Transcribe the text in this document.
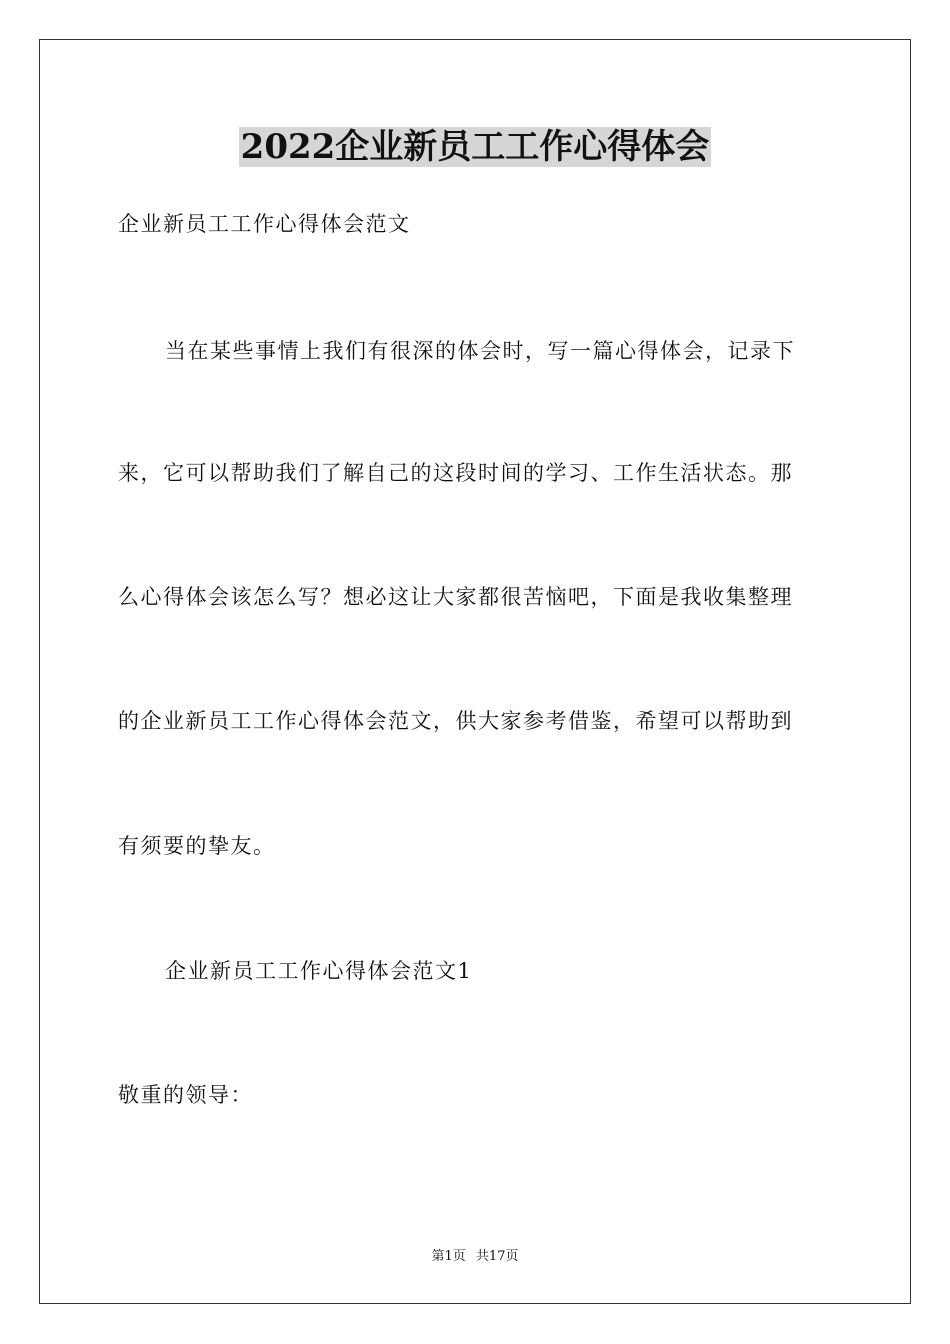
2022企业新员工工作心得体会
企业新员工工作心得体会范文
当在某些事情上我们有很深的体会时，写一篇心得体会，记录下
来，它可以帮助我们了解自己的这段时间的学习、工作生活状态。那
么心得体会该怎么写？想必这让大家都很苦恼吧，下面是我收集整理
的企业新员工工作心得体会范文，供大家参考借鉴，希望可以帮助到
有须要的挚友。
企业新员工工作心得体会范文1
敬重的领导：
第1页 共17页
